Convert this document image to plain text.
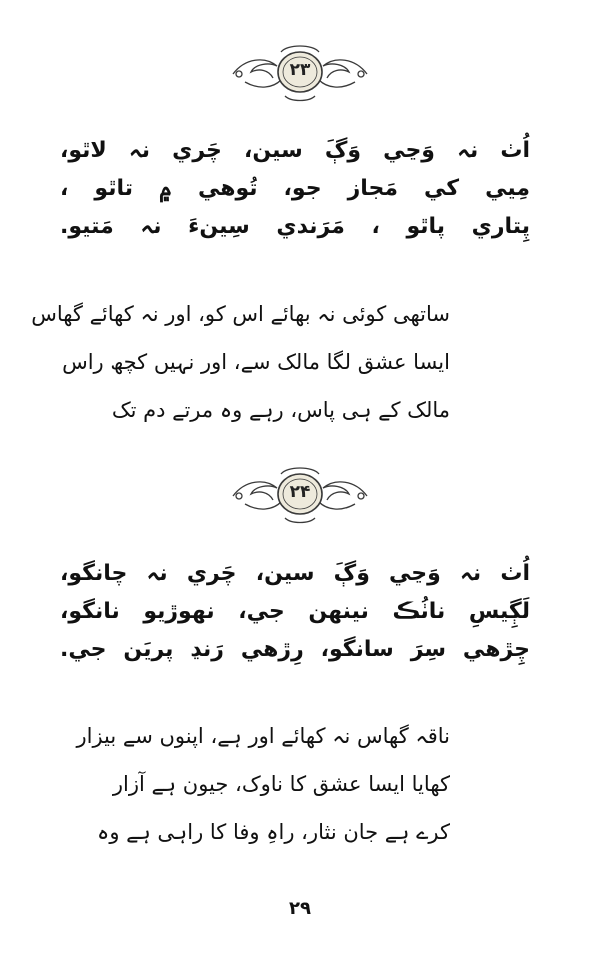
۲۳
اُٺ نہ وَڃي وَڳَ سين، چَري نہ لاٿو،
مِيي کي مَجاز جو، تُوهي ۾ تاٿو ،
پِتاري پاٿو ، مَرَندي سِينءَ نہ مَتيو.
ساتھی کوئی نہ بھائے اس کو، اور نہ کھائے گھاس
ایسا عشق لگا مالک سے، اور نہیں کچھ راس
مالک کے ہی پاس، رہے وہ مرتے دم تک
۲۴
اُٺ نہ وَڃي وَڳَ سين، چَري نہ چانگو،
لَڳِيسِ ناٺُڪ نينهن جي، نهوڙيو نانگو،
چِڙهي سِرَ سانگو، رِڙهي رَنڍ پريَن جي.
ناقہ گھاس نہ کھائے اور ہے، اپنوں سے بیزار
کھایا ایسا عشق کا ناوک، جیون ہے آزار
کرے ہے جان نثار، راہِ وفا کا راہی ہے وہ
۲۹
